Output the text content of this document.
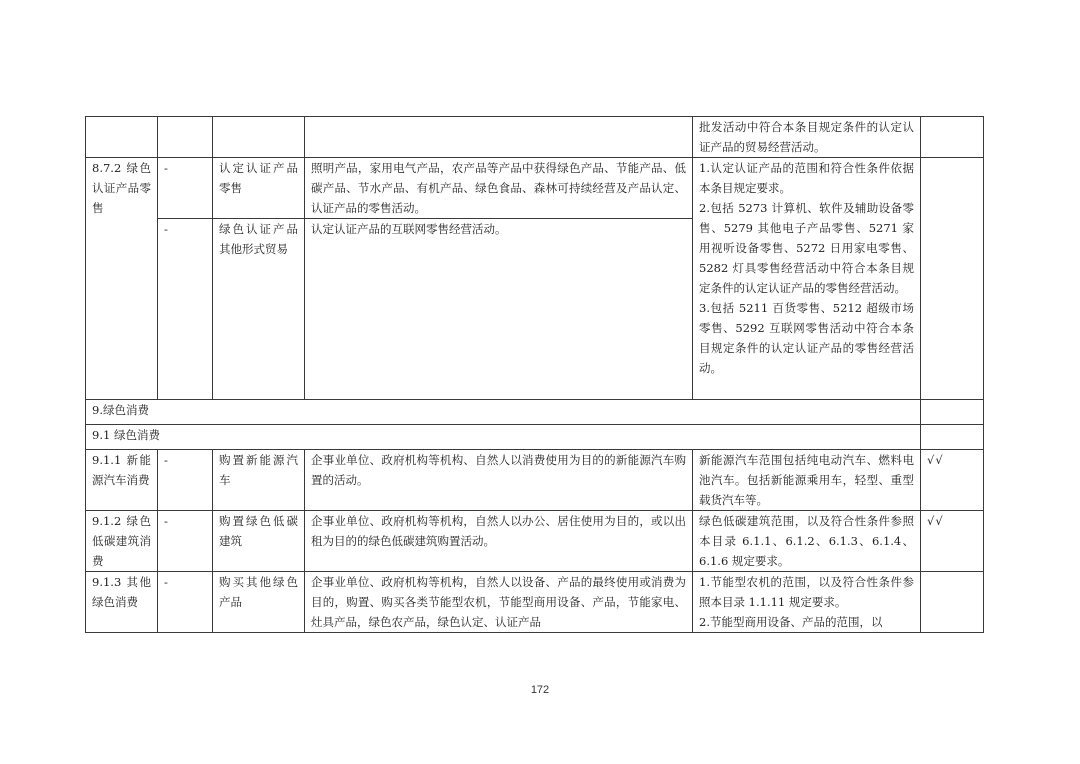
				批发活动中符合本条目规定条件的认定认证产品的贸易经营活动。	
8.7.2 绿色认证产品零售	-	认定认证产品零售	照明产品，家用电气产品，农产品等产品中获得绿色产品、节能产品、低碳产品、节水产品、有机产品、绿色食品、森林可持续经营及产品认定、认证产品的零售活动。	1.认定认证产品的范围和符合性条件依据本条目规定要求。
2.包括 5273 计算机、软件及辅助设备零售、5279 其他电子产品零售、5271 家用视听设备零售、5272 日用家电零售、5282 灯具零售经营活动中符合本条目规定条件的认定认证产品的零售经营活动。
3.包括 5211 百货零售、5212 超级市场零售、5292 互联网零售活动中符合本条目规定条件的认定认证产品的零售经营活动。	
	-	绿色认证产品其他形式贸易	认定认证产品的互联网零售经营活动。		
9.绿色消费					
9.1 绿色消费					
9.1.1 新能源汽车消费	-	购置新能源汽车	企事业单位、政府机构等机构、自然人以消费使用为目的的新能源汽车购置的活动。	新能源汽车范围包括纯电动汽车、燃料电池汽车。包括新能源乘用车，轻型、重型载货汽车等。	√√
9.1.2 绿色低碳建筑消费	-	购置绿色低碳建筑	企事业单位、政府机构等机构，自然人以办公、居住使用为目的，或以出租为目的的绿色低碳建筑购置活动。	绿色低碳建筑范围，以及符合性条件参照本目录 6.1.1、6.1.2、6.1.3、6.1.4、6.1.6 规定要求。	√√
9.1.3 其他绿色消费	-	购买其他绿色产品	企事业单位、政府机构等机构，自然人以设备、产品的最终使用或消费为目的，购置、购买各类节能型农机，节能型商用设备、产品，节能家电、灶具产品，绿色农产品，绿色认定、认证产品	1.节能型农机的范围，以及符合性条件参照本目录 1.1.11 规定要求。
2.节能型商用设备、产品的范围，以	
172
